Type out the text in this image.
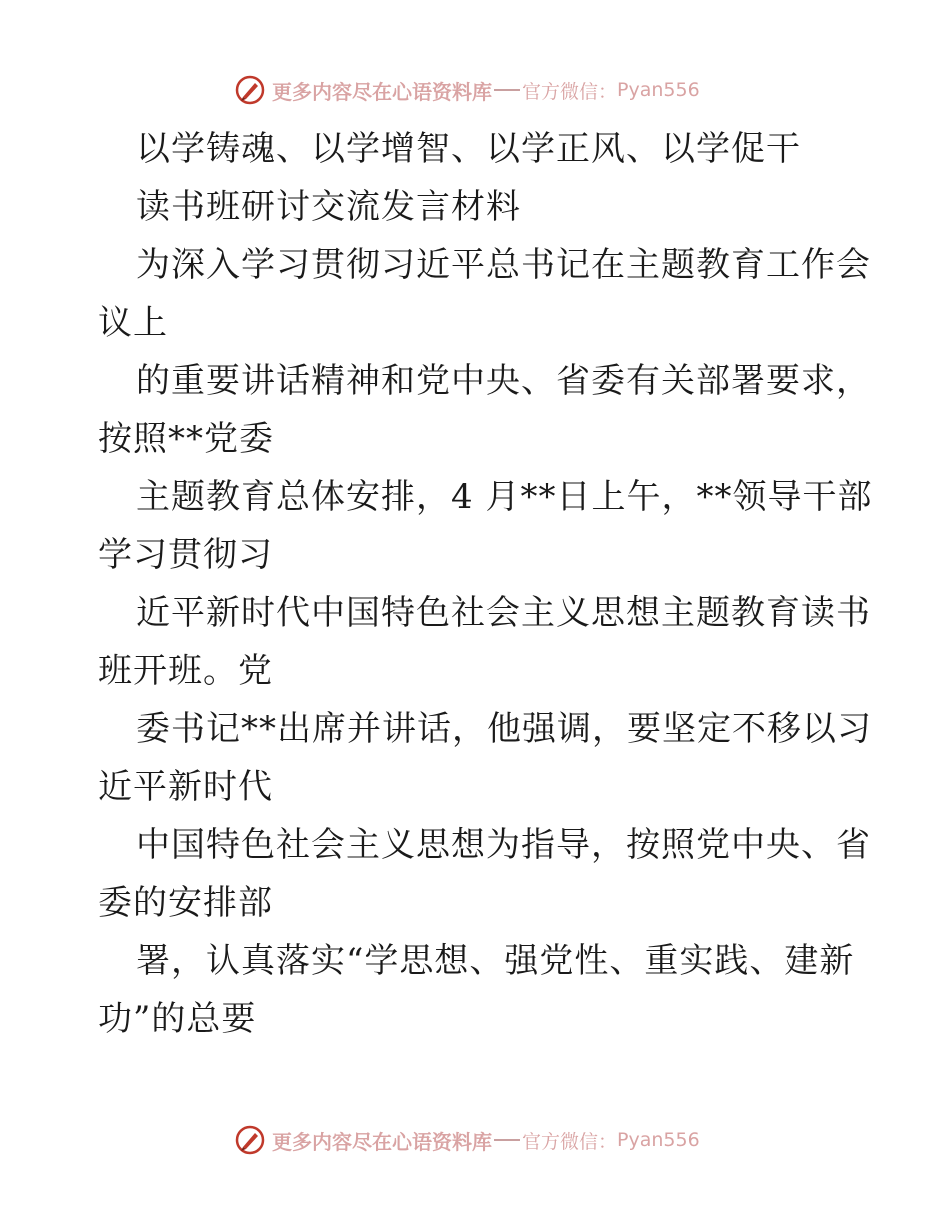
更多内容尽在心语资料库 官方微信： Pyan556
以学铸魂、以学增智、以学正风、以学促干
读书班研讨交流发言材料
为深入学习贯彻习近平总书记在主题教育工作会
议上
的重要讲话精神和党中央、省委有关部署要求，
按照**党委
主题教育总体安排，4 月**日上午，**领导干部
学习贯彻习
近平新时代中国特色社会主义思想主题教育读书
班开班。党
委书记**出席并讲话，他强调，要坚定不移以习
近平新时代
中国特色社会主义思想为指导，按照党中央、省
委的安排部
署，认真落实“学思想、强党性、重实践、建新
功”的总要
更多内容尽在心语资料库 官方微信： Pyan556
